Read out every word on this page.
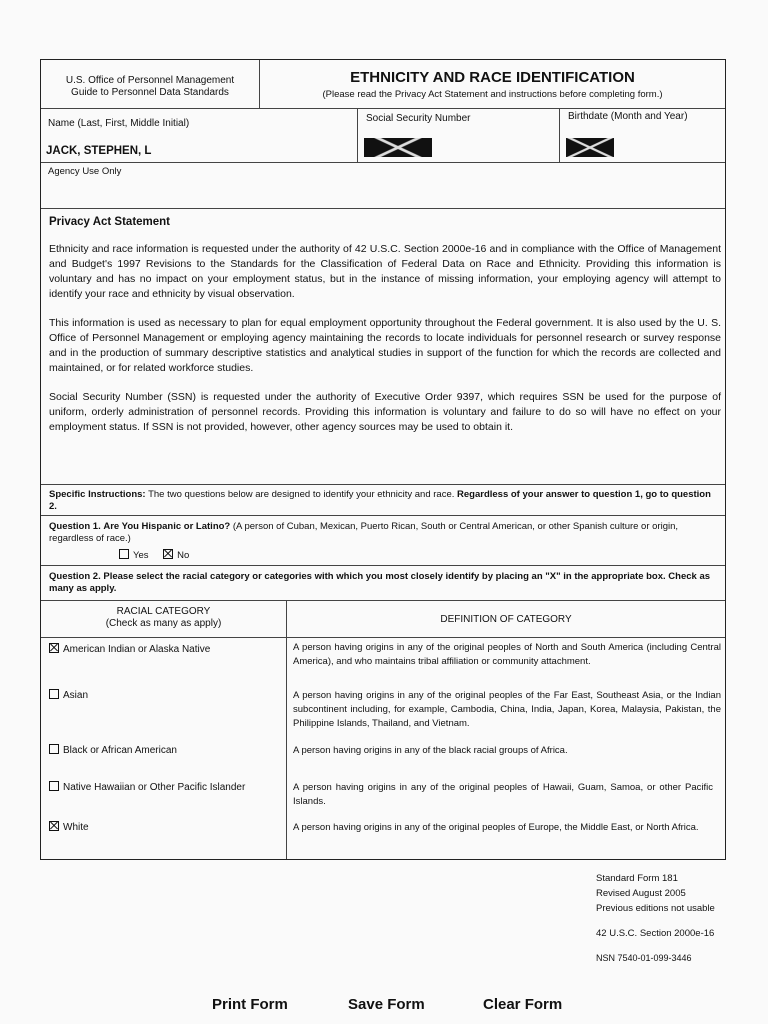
U.S. Office of Personnel Management
Guide to Personnel Data Standards
ETHNICITY AND RACE IDENTIFICATION
(Please read the Privacy Act Statement and instructions before completing form.)
Name (Last, First, Middle Initial)
JACK, STEPHEN, L
Social Security Number	Birthdate (Month and Year)
Agency Use Only
Privacy Act Statement
Ethnicity and race information is requested under the authority of 42 U.S.C. Section 2000e-16 and in compliance with the Office of Management and Budget's 1997 Revisions to the Standards for the Classification of Federal Data on Race and Ethnicity. Providing this information is voluntary and has no impact on your employment status, but in the instance of missing information, your employing agency will attempt to identify your race and ethnicity by visual observation.
This information is used as necessary to plan for equal employment opportunity throughout the Federal government. It is also used by the U. S. Office of Personnel Management or employing agency maintaining the records to locate individuals for personnel research or survey response and in the production of summary descriptive statistics and analytical studies in support of the function for which the records are collected and maintained, or for related workforce studies.
Social Security Number (SSN) is requested under the authority of Executive Order 9397, which requires SSN be used for the purpose of uniform, orderly administration of personnel records. Providing this information is voluntary and failure to do so will have no effect on your employment status. If SSN is not provided, however, other agency sources may be used to obtain it.
Specific Instructions: The two questions below are designed to identify your ethnicity and race. Regardless of your answer to question 1, go to question 2.
Question 1. Are You Hispanic or Latino? (A person of Cuban, Mexican, Puerto Rican, South or Central American, or other Spanish culture or origin, regardless of race.)
Yes	No
Question 2. Please select the racial category or categories with which you most closely identify by placing an "X" in the appropriate box. Check as many as apply.
RACIAL CATEGORY
(Check as many as apply)	DEFINITION OF CATEGORY
American Indian or Alaska Native	A person having origins in any of the original peoples of North and South America (including Central America), and who maintains tribal affiliation or community attachment.
Asian	A person having origins in any of the original peoples of the Far East, Southeast Asia, or the Indian subcontinent including, for example, Cambodia, China, India, Japan, Korea, Malaysia, Pakistan, the Philippine Islands, Thailand, and Vietnam.
Black or African American	A person having origins in any of the black racial groups of Africa.
Native Hawaiian or Other Pacific Islander	A person having origins in any of the original peoples of Hawaii, Guam, Samoa, or other Pacific Islands.
White	A person having origins in any of the original peoples of Europe, the Middle East, or North Africa.
Standard Form 181
Revised August 2005
Previous editions not usable
42 U.S.C. Section 2000e-16
NSN 7540-01-099-3446
Print Form	Save Form	Clear Form
